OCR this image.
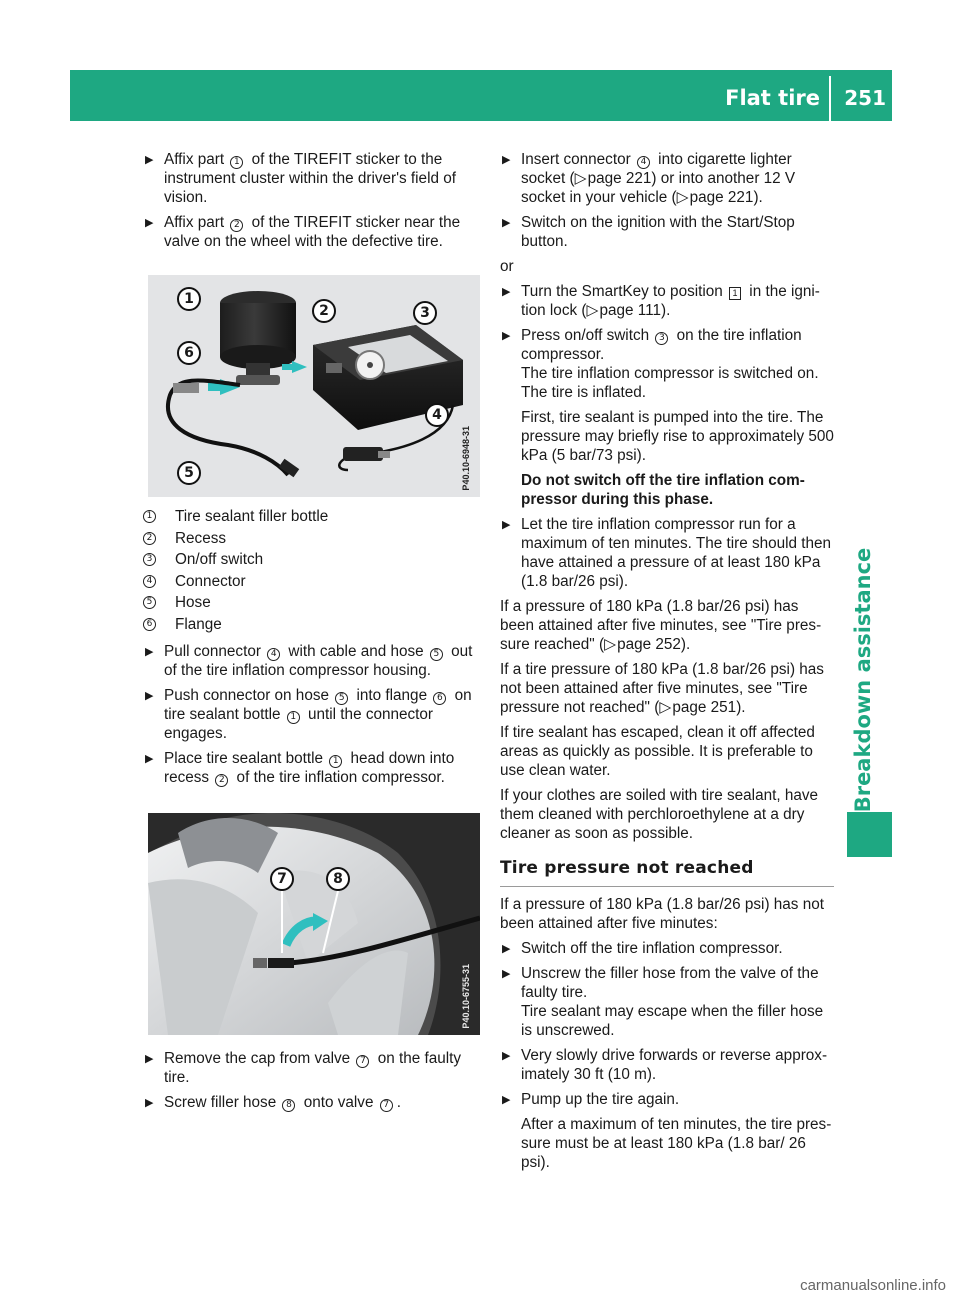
Flat tire 251
Breakdown assistance
▶ Affix part 1 of the TIREFIT sticker to the instrument cluster within the driver's field of vision.
▶ Affix part 2 of the TIREFIT sticker near the valve on the wheel with the defective tire.
1
6
2	3
4
5	P40.10-6948-31
1 Tire sealant filler bottle
2 Recess
3 On/off switch
4 Connector
5 Hose
6 Flange
▶ Pull connector 4 with cable and hose 5 out of the tire inflation compressor housing.
▶ Push connector on hose 5 into flange 6 on tire sealant bottle 1 until the connector engages.
▶ Place tire sealant bottle 1 head down into recess 2 of the tire inflation compressor.
7	8
P40.10-6755-31
▶ Remove the cap from valve 7 on the faulty tire.
▶ Screw filler hose 8 onto valve 7 .
▶ Insert connector 4 into cigarette lighter socket (▷ page 221) or into another 12 V socket in your vehicle (▷ page 221).
▶ Switch on the ignition with the Start/Stop button.
or
▶ Turn the SmartKey to position 1 in the igni-tion lock (▷ page 111).
▶ Press on/off switch 3 on the tire inflation compressor.
The tire inflation compressor is switched on.
The tire is inflated.

First, tire sealant is pumped into the tire. The pressure may briefly rise to approximately 500 kPa (5 bar/73 psi).

Do not switch off the tire inflation com-pressor during this phase.

▶ Let the tire inflation compressor run for a maximum of ten minutes. The tire should then have attained a pressure of at least 180 kPa (1.8 bar/26 psi).
If a pressure of 180 kPa (1.8 bar/26 psi) has been attained after five minutes, see "Tire pres-sure reached" (▷ page 252).
If a tire pressure of 180 kPa (1.8 bar/26 psi) has not been attained after five minutes, see "Tire pressure not reached" (▷ page 251).
If tire sealant has escaped, clean it off affected areas as quickly as possible. It is preferable to use clean water.
If your clothes are soiled with tire sealant, have them cleaned with perchloroethylene at a dry cleaner as soon as possible.
Tire pressure not reached
If a pressure of 180 kPa (1.8 bar/26 psi) has not been attained after five minutes:
▶ Switch off the tire inflation compressor.
▶ Unscrew the filler hose from the valve of the faulty tire.

Tire sealant may escape when the filler hose is unscrewed.

▶ Very slowly drive forwards or reverse approx-imately 30 ft (10 m).
▶ Pump up the tire again.

After a maximum of ten minutes, the tire pres-sure must be at least 180 kPa (1.8 bar/ 26 psi).

carmanualsonline.info
